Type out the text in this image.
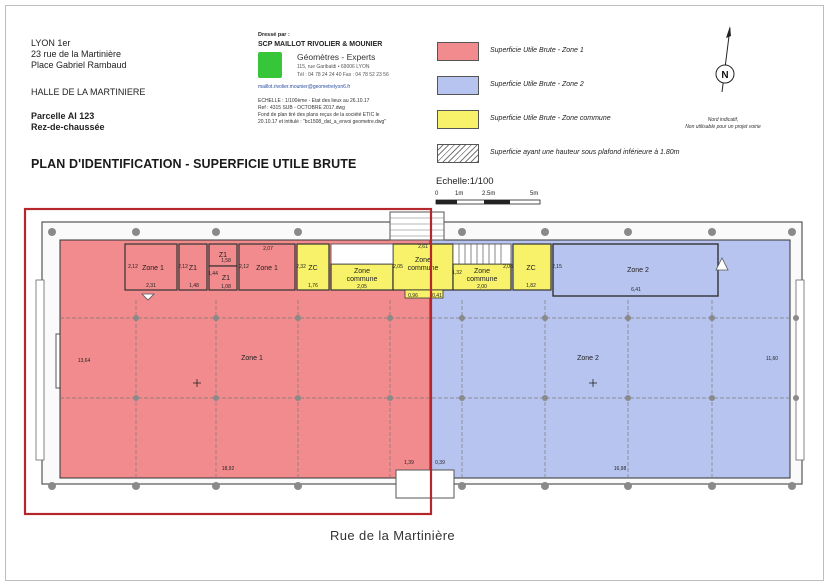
LYON 1er
23 rue de la Martinière
Place Gabriel Rambaud
HALLE DE LA MARTINIERE
Parcelle AI 123
Rez-de-chaussée
PLAN D'IDENTIFICATION - SUPERFICIE UTILE BRUTE
Dressé par :
SCP MAILLOT RIVOLIER & MOUNIER
Géomètres - Experts
115, rue Garibaldi • 69006 LYON
Tél : 04 78 24 24 40 Fax : 04 78 52 23 56
maillot.rivolier.mounier@geometrelyon6.fr
ECHELLE : 1/100ème - Etat des lieux au 26.10.17
Ref : 4315 SUB - OCTOBRE 2017.dwg
Fond de plan tiré des plans reçus de la société ETIC le
20.10.17 et intitulé : "bc1508_dat_a_envoi geometre.dwg"
Superficie Utile Brute - Zone 1
Superficie Utile Brute - Zone 2
Superficie Utile Brute - Zone commune
Superficie ayant une hauteur sous plafond inférieure à 1.80m
N
Nord indicatif,
Non utilisable pour un projet voirie
Echelle:1/100
0	1m	2.5m	5m
Zone 1	Z1
Z1
Z1
Zone 1	ZC	Zone
commune
Zone
commune	Zone
commune
ZC	Zone 2
Zone 1	Zone 2
2,12
2,31
2,12
1,48
1,58
1,44
1,08
2,12
2,07
2,32
1,76	2,05
2,05
2,61
1,32
2,00
2,06	2,15
1,82
0,96	0,41
6,41
13,64	11,60
18,92
1,39	0,39
16,98
Rue de la Martinière
